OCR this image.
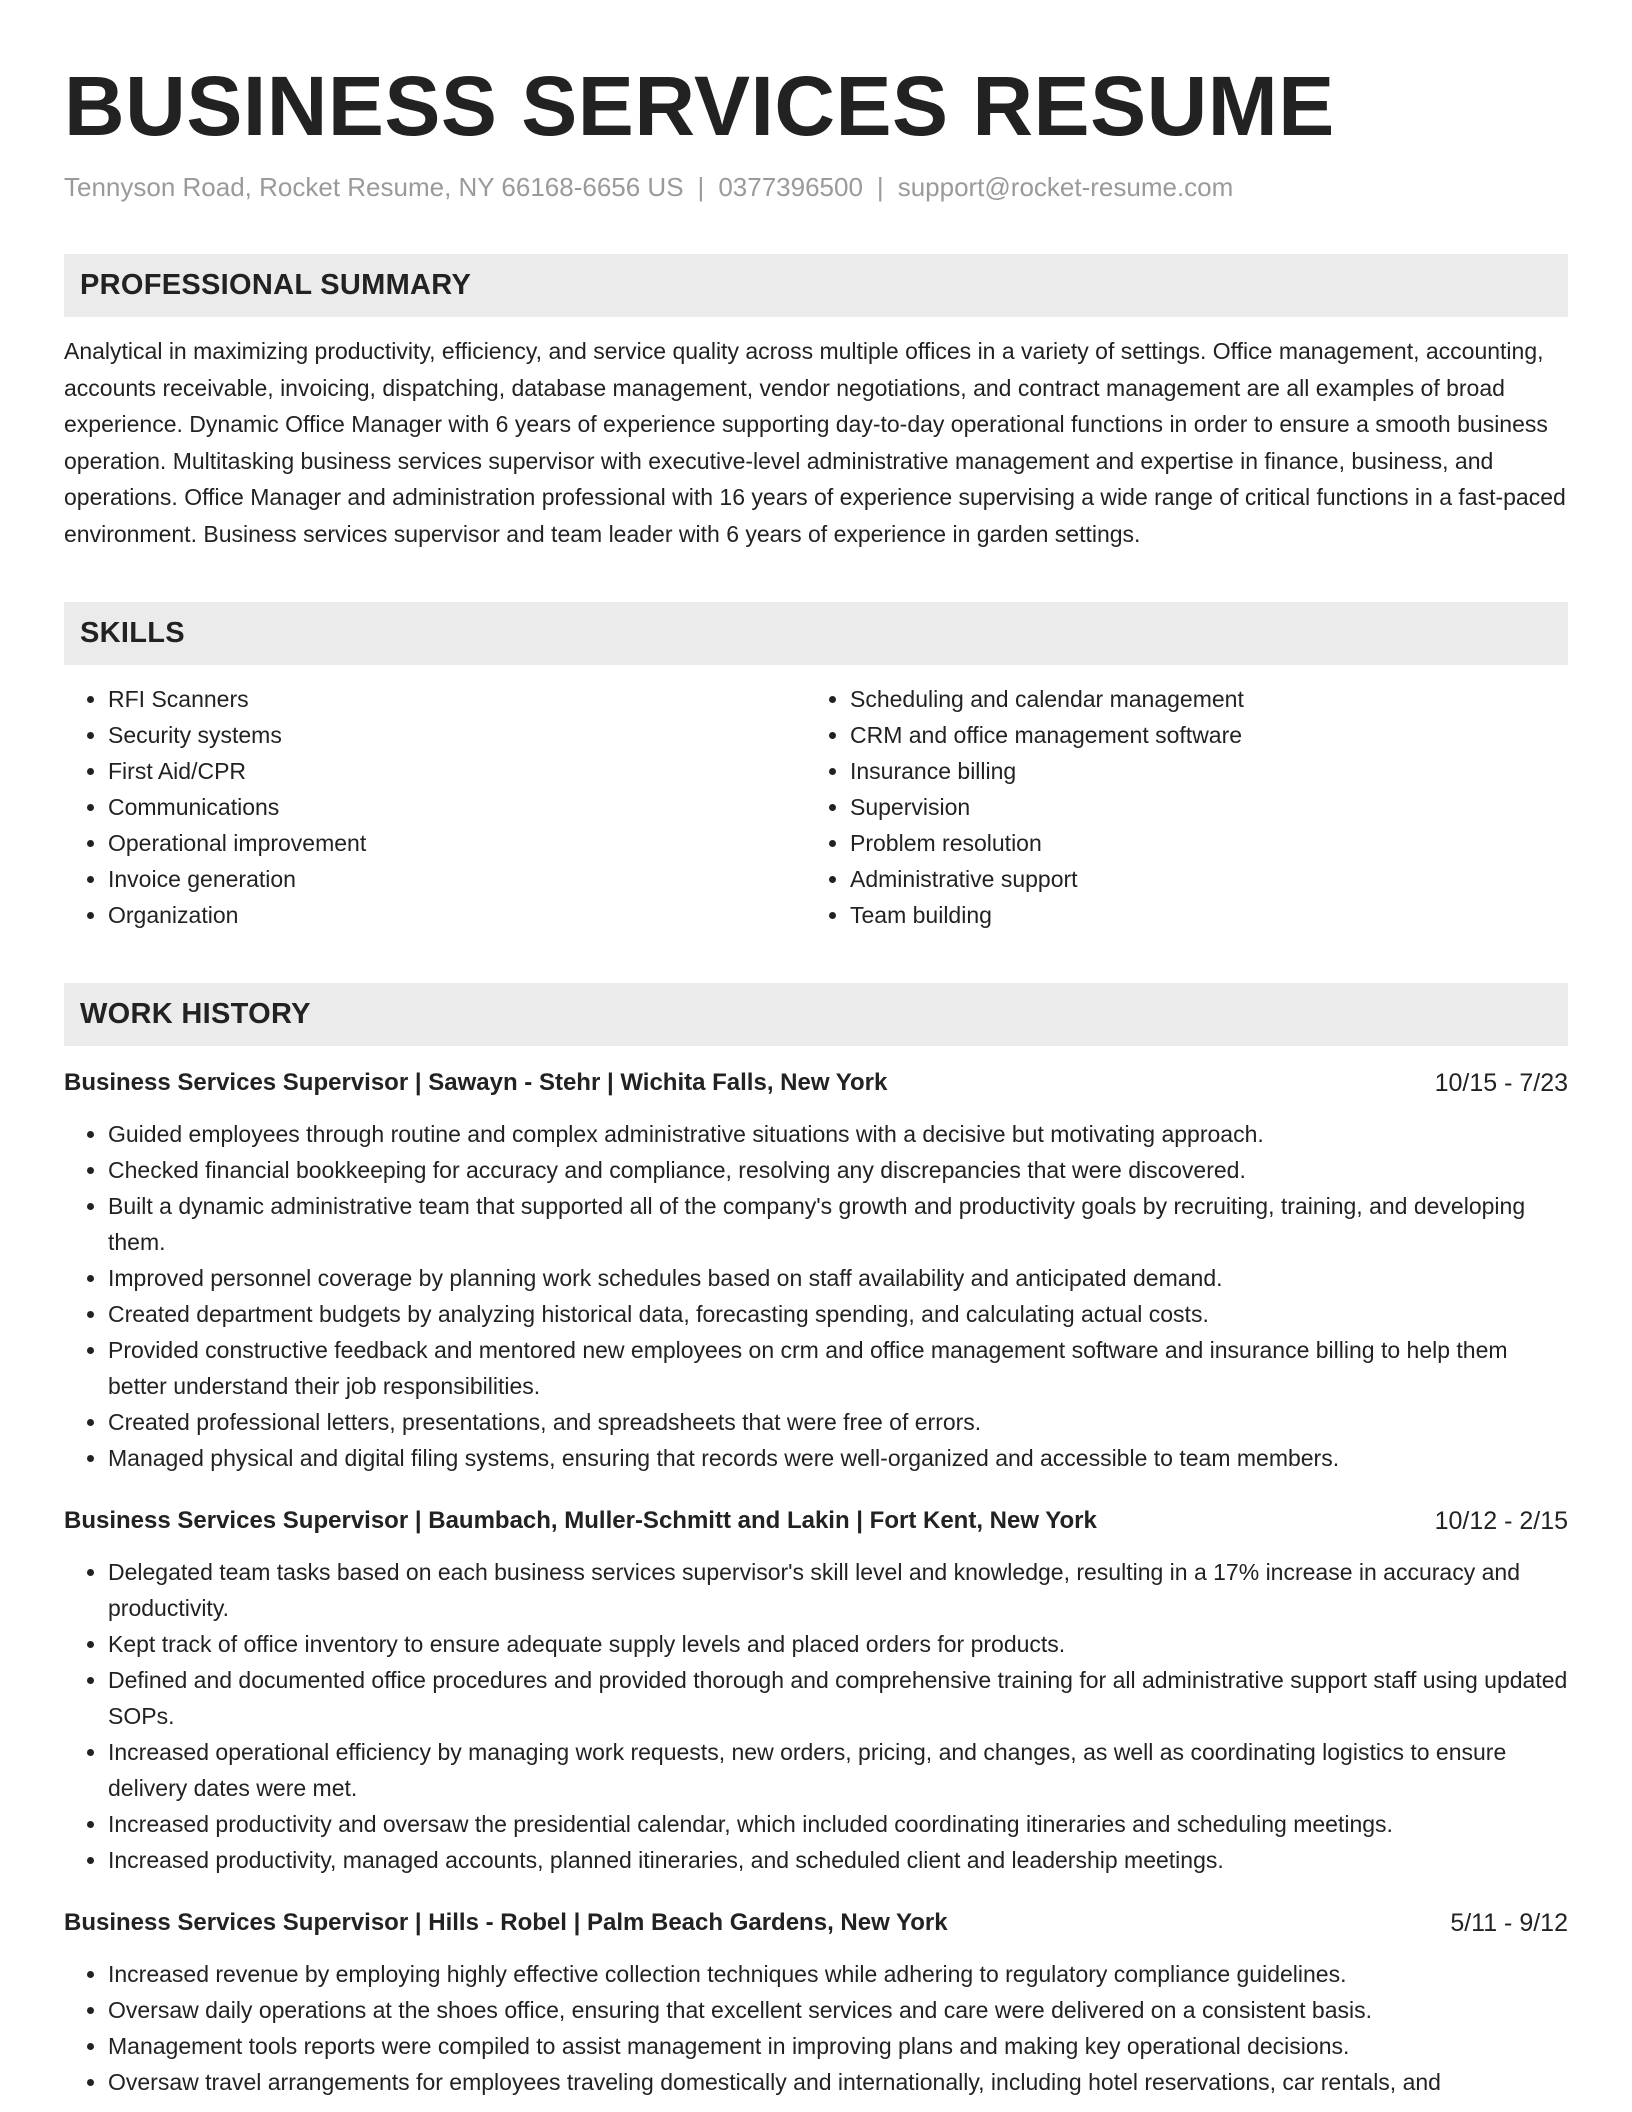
BUSINESS SERVICES RESUME
Tennyson Road, Rocket Resume, NY 66168-6656 US | 0377396500 | support@rocket-resume.com
PROFESSIONAL SUMMARY
Analytical in maximizing productivity, efficiency, and service quality across multiple offices in a variety of settings. Office management, accounting, accounts receivable, invoicing, dispatching, database management, vendor negotiations, and contract management are all examples of broad experience. Dynamic Office Manager with 6 years of experience supporting day-to-day operational functions in order to ensure a smooth business operation. Multitasking business services supervisor with executive-level administrative management and expertise in finance, business, and operations. Office Manager and administration professional with 16 years of experience supervising a wide range of critical functions in a fast-paced environment. Business services supervisor and team leader with 6 years of experience in garden settings.
SKILLS
• RFI Scanners
• Security systems
• First Aid/CPR
• Communications
• Operational improvement
• Invoice generation
• Organization
• Scheduling and calendar management
• CRM and office management software
• Insurance billing
• Supervision
• Problem resolution
• Administrative support
• Team building
WORK HISTORY
Business Services Supervisor | Sawayn - Stehr | Wichita Falls, New York	10/15 - 7/23
• Guided employees through routine and complex administrative situations with a decisive but motivating approach.
• Checked financial bookkeeping for accuracy and compliance, resolving any discrepancies that were discovered.
• Built a dynamic administrative team that supported all of the company's growth and productivity goals by recruiting, training, and developing them.
• Improved personnel coverage by planning work schedules based on staff availability and anticipated demand.
• Created department budgets by analyzing historical data, forecasting spending, and calculating actual costs.
• Provided constructive feedback and mentored new employees on crm and office management software and insurance billing to help them better understand their job responsibilities.
• Created professional letters, presentations, and spreadsheets that were free of errors.
• Managed physical and digital filing systems, ensuring that records were well-organized and accessible to team members.
Business Services Supervisor | Baumbach, Muller-Schmitt and Lakin | Fort Kent, New York	10/12 - 2/15
• Delegated team tasks based on each business services supervisor's skill level and knowledge, resulting in a 17% increase in accuracy and productivity.
• Kept track of office inventory to ensure adequate supply levels and placed orders for products.
• Defined and documented office procedures and provided thorough and comprehensive training for all administrative support staff using updated SOPs.
• Increased operational efficiency by managing work requests, new orders, pricing, and changes, as well as coordinating logistics to ensure delivery dates were met.
• Increased productivity and oversaw the presidential calendar, which included coordinating itineraries and scheduling meetings.
• Increased productivity, managed accounts, planned itineraries, and scheduled client and leadership meetings.
Business Services Supervisor | Hills - Robel | Palm Beach Gardens, New York	5/11 - 9/12
• Increased revenue by employing highly effective collection techniques while adhering to regulatory compliance guidelines.
• Oversaw daily operations at the shoes office, ensuring that excellent services and care were delivered on a consistent basis.
• Management tools reports were compiled to assist management in improving plans and making key operational decisions.
• Oversaw travel arrangements for employees traveling domestically and internationally, including hotel reservations, car rentals, and
